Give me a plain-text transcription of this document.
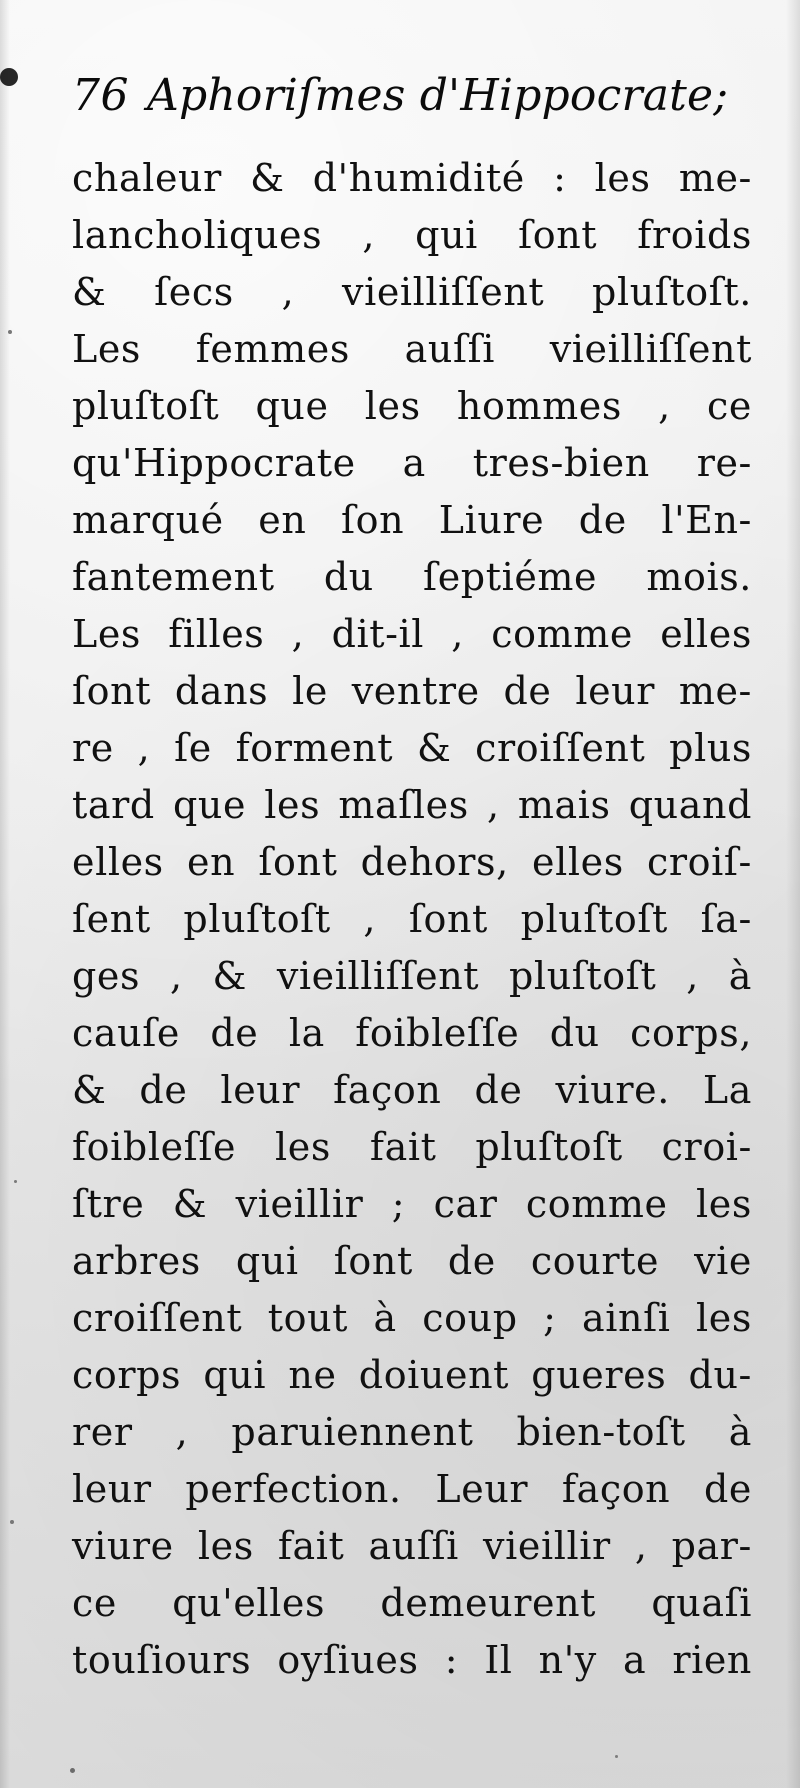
76 Aphoriſmes d'Hippocrate;
chaleur & d'humidité : les me-
lancholiques , qui ſont froids
& ſecs , vieilliſſent pluſtoſt.
Les femmes auſſi vieilliſſent
pluſtoſt que les hommes , ce
qu'Hippocrate a tres-bien re-
marqué en ſon Liure de l'En-
fantement du ſeptiéme mois.
Les filles , dit-il , comme elles
ſont dans le ventre de leur me-
re , ſe forment & croiſſent plus
tard que les maſles , mais quand
elles en ſont dehors, elles croiſ-
ſent pluſtoſt , ſont pluſtoſt ſa-
ges , & vieilliſſent pluſtoſt , à
cauſe de la foibleſſe du corps,
& de leur façon de viure. La
foibleſſe les fait pluſtoſt croi-
ſtre & vieillir ; car comme les
arbres qui ſont de courte vie
croiſſent tout à coup ; ainſi les
corps qui ne doiuent gueres du-
rer , paruiennent bien-toſt à
leur perfection. Leur façon de
viure les fait auſſi vieillir , par-
ce qu'elles demeurent quaſi
touſiours oyſiues : Il n'y a rien
